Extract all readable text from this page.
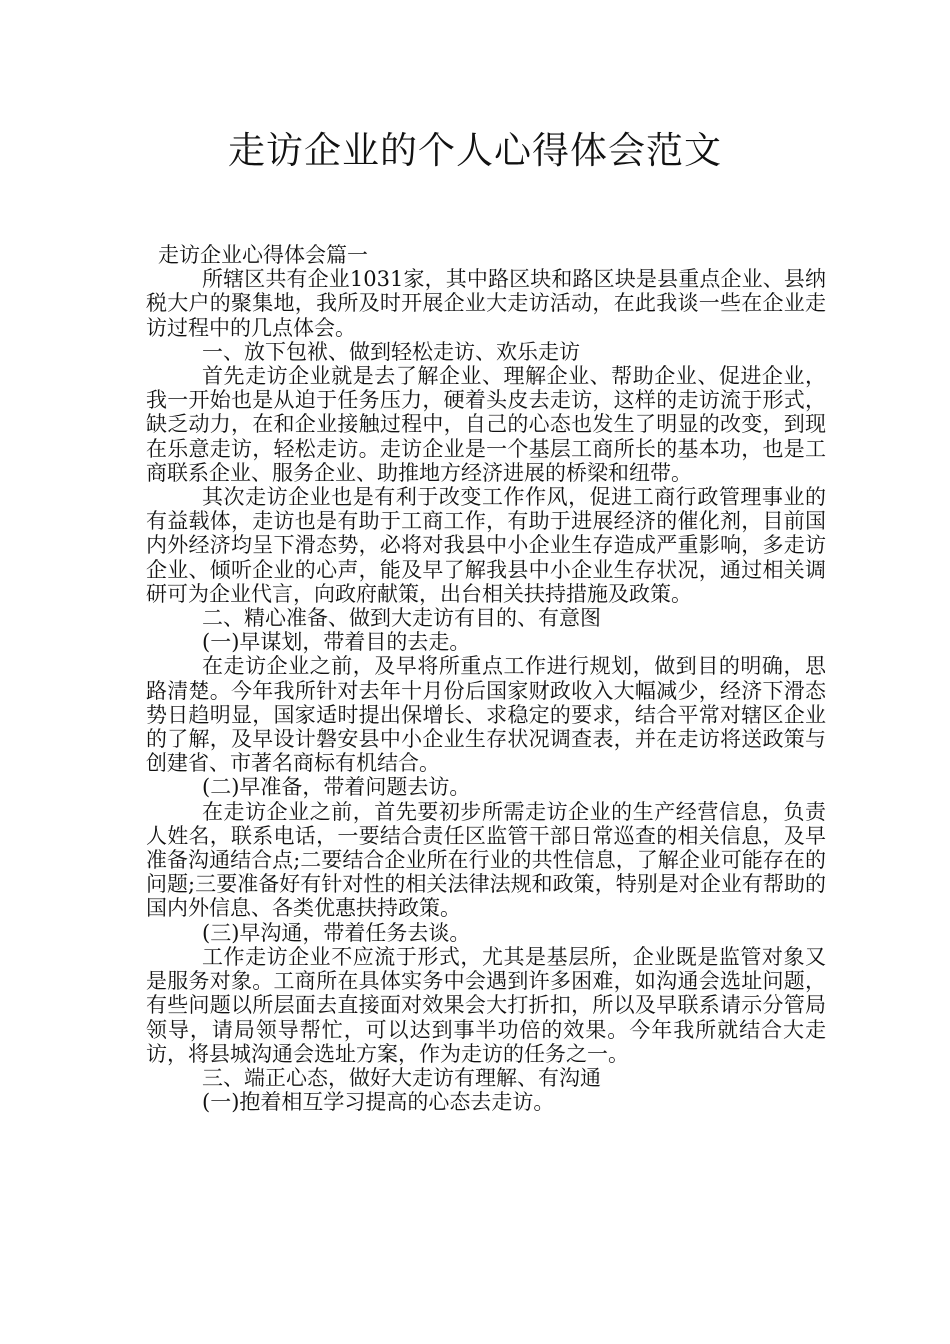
走访企业的个人心得体会范文

走访企业心得体会篇一

所辖区共有企业1031家，其中路区块和路区块是县重点企业、县纳税大户的聚集地，我所及时开展企业大走访活动，在此我谈一些在企业走访过程中的几点体会。

一、放下包袱、做到轻松走访、欢乐走访

首先走访企业就是去了解企业、理解企业、帮助企业、促进企业，我一开始也是从迫于任务压力，硬着头皮去走访，这样的走访流于形式，缺乏动力，在和企业接触过程中，自己的心态也发生了明显的改变，到现在乐意走访，轻松走访。走访企业是一个基层工商所长的基本功，也是工商联系企业、服务企业、助推地方经济进展的桥梁和纽带。

其次走访企业也是有利于改变工作作风，促进工商行政管理事业的有益载体，走访也是有助于工商工作，有助于进展经济的催化剂，目前国内外经济均呈下滑态势，必将对我县中小企业生存造成严重影响，多走访企业、倾听企业的心声，能及早了解我县中小企业生存状况，通过相关调研可为企业代言，向政府献策，出台相关扶持措施及政策。

二、精心准备、做到大走访有目的、有意图

(一)早谋划，带着目的去走。

在走访企业之前，及早将所重点工作进行规划，做到目的明确，思路清楚。今年我所针对去年十月份后国家财政收入大幅减少，经济下滑态势日趋明显，国家适时提出保增长、求稳定的要求，结合平常对辖区企业的了解，及早设计磐安县中小企业生存状况调查表，并在走访将送政策与创建省、市著名商标有机结合。

(二)早准备，带着问题去访。

在走访企业之前，首先要初步所需走访企业的生产经营信息，负责人姓名，联系电话，一要结合责任区监管干部日常巡查的相关信息，及早准备沟通结合点;二要结合企业所在行业的共性信息，了解企业可能存在的问题;三要准备好有针对性的相关法律法规和政策，特别是对企业有帮助的国内外信息、各类优惠扶持政策。

(三)早沟通，带着任务去谈。

工作走访企业不应流于形式，尤其是基层所，企业既是监管对象又是服务对象。工商所在具体实务中会遇到许多困难，如沟通会选址问题，有些问题以所层面去直接面对效果会大打折扣，所以及早联系请示分管局领导，请局领导帮忙，可以达到事半功倍的效果。今年我所就结合大走访，将县城沟通会选址方案，作为走访的任务之一。

三、端正心态，做好大走访有理解、有沟通

(一)抱着相互学习提高的心态去走访。
